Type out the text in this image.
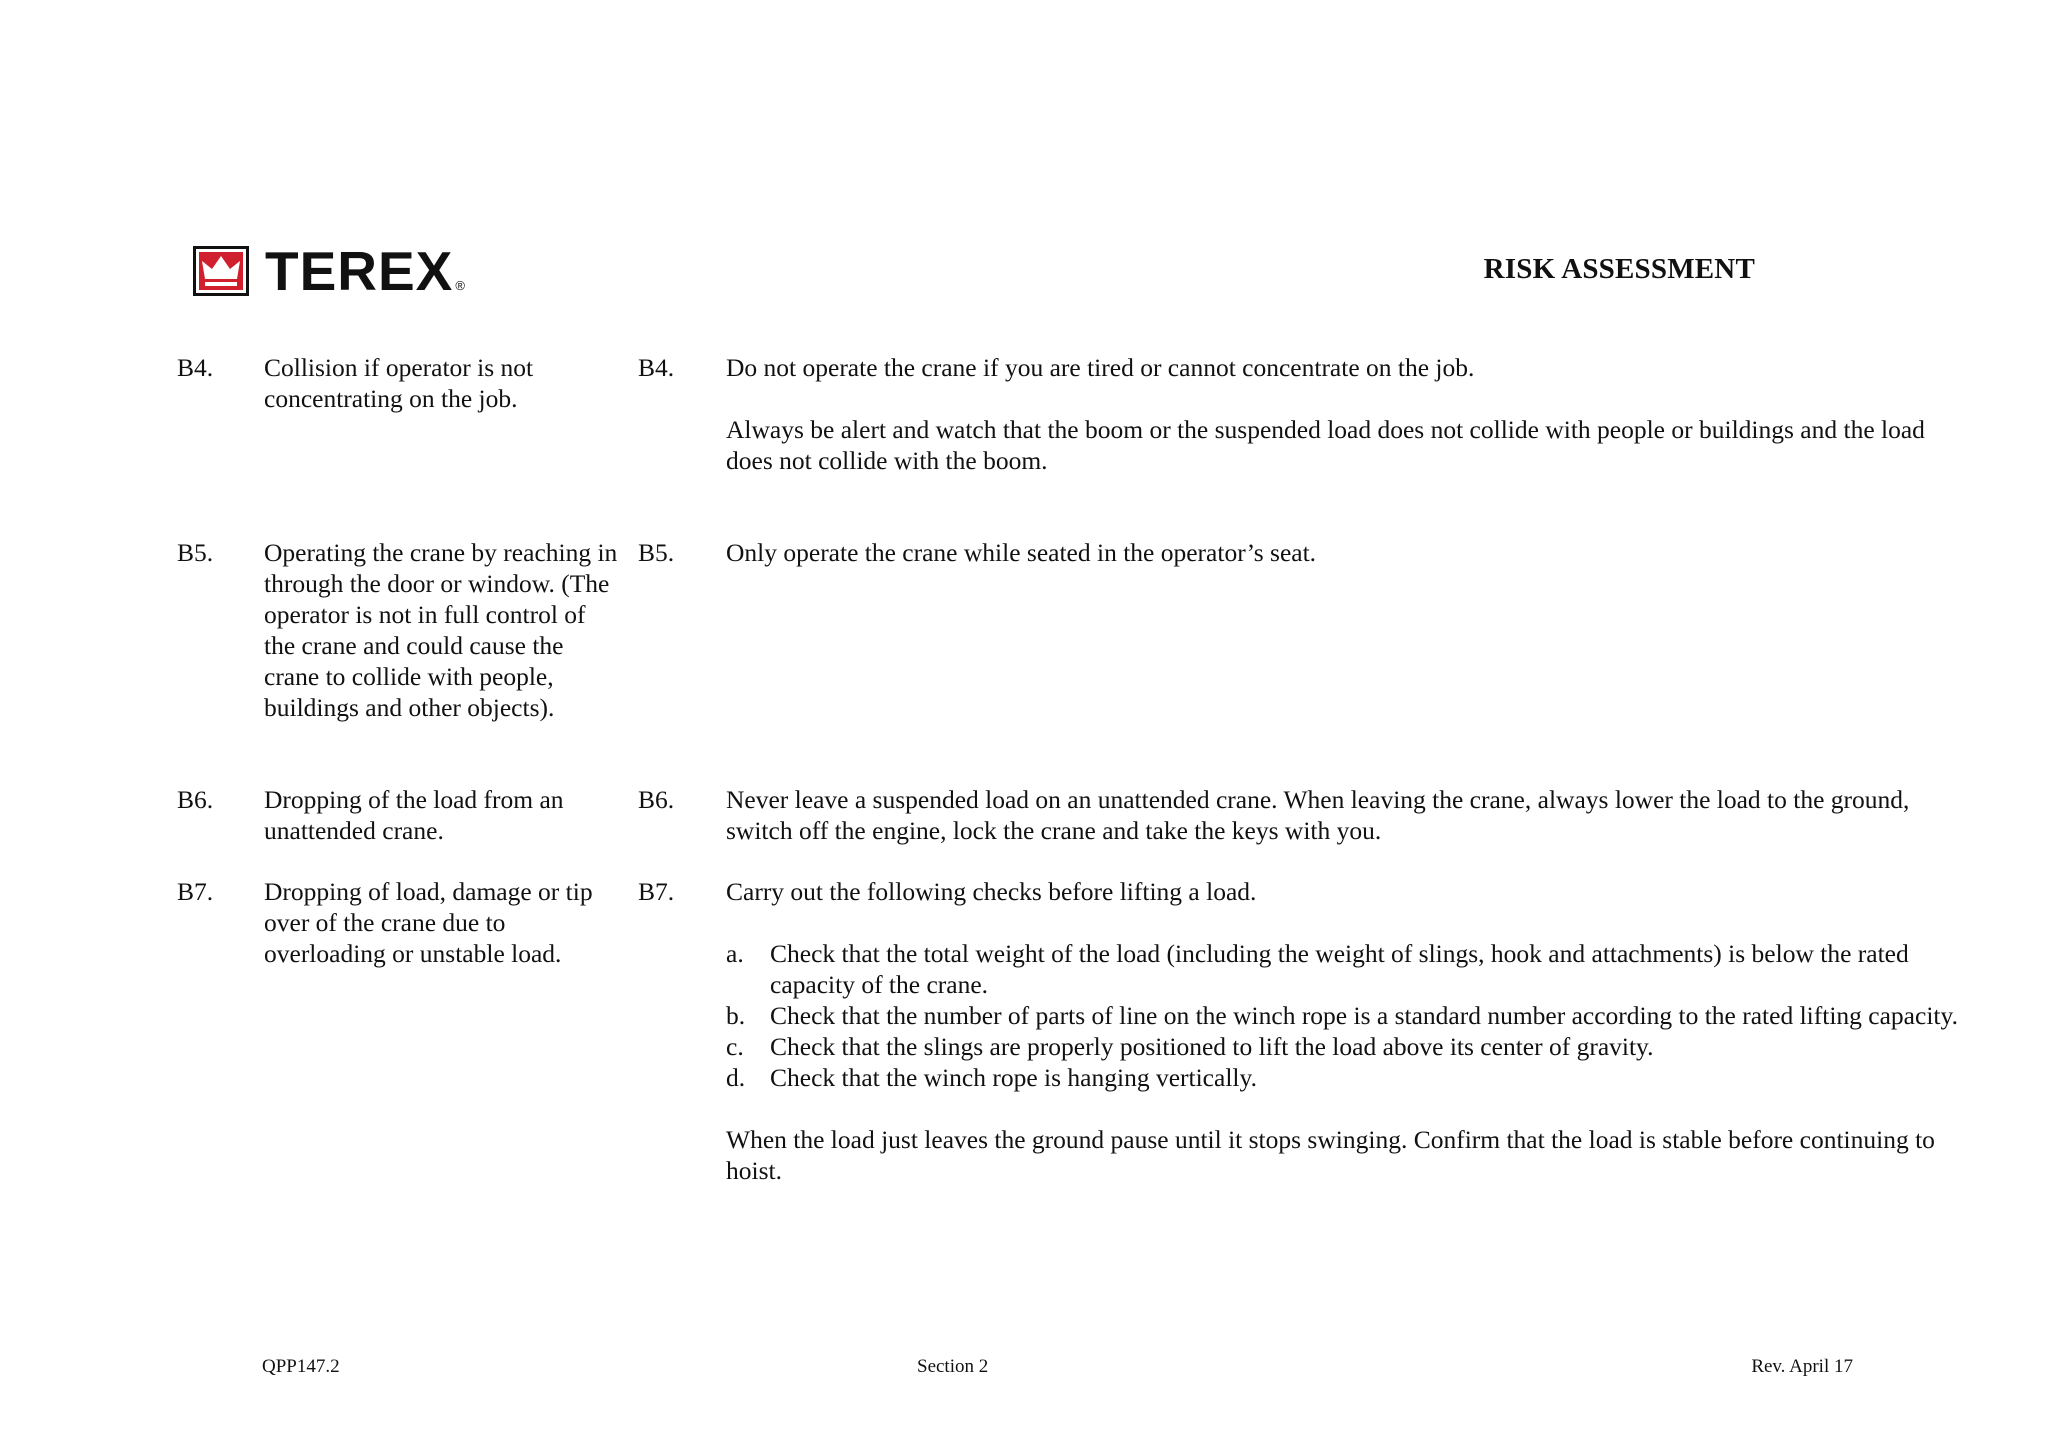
TEREX ®
RISK ASSESSMENT
B4.	Collision if operator is not concentrating on the job.
B4.	Do not operate the crane if you are tired or cannot concentrate on the job.

Always be alert and watch that the boom or the suspended load does not collide with people or buildings and the load does not collide with the boom.

B5.	Operating the crane by reaching in through the door or window. (The operator is not in full control of the crane and could cause the crane to collide with people, buildings and other objects).
B5.	Only operate the crane while seated in the operator’s seat.

B6.	Dropping of the load from an unattended crane.
B6.	Never leave a suspended load on an unattended crane. When leaving the crane, always lower the load to the ground, switch off the engine, lock the crane and take the keys with you.

B7.	Dropping of load, damage or tip over of the crane due to overloading or unstable load.
B7.	Carry out the following checks before lifting a load.

a.	Check that the total weight of the load (including the weight of slings, hook and attachments) is below the rated capacity of the crane.
b. Check that the number of parts of line on the winch rope is a standard number according to the rated lifting capacity.
c.	Check that the slings are properly positioned to lift the load above its center of gravity.
d. Check that the winch rope is hanging vertically.

When the load just leaves the ground pause until it stops swinging. Confirm that the load is stable before continuing to hoist.

QPP147.2	Section 2	Rev. April 17
